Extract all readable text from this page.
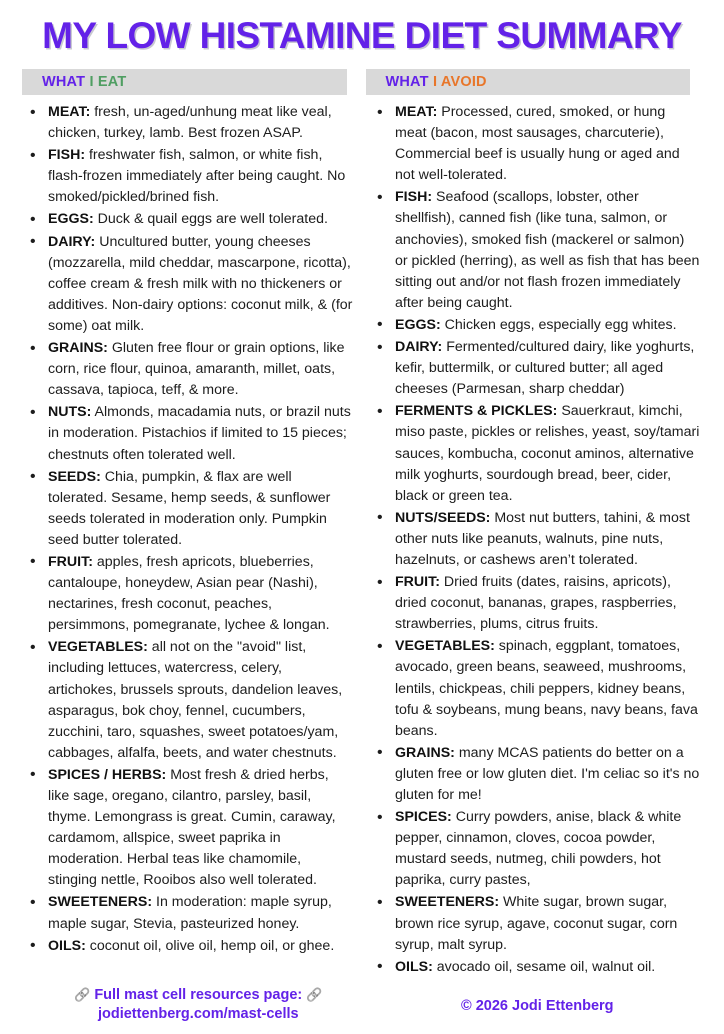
MY LOW HISTAMINE DIET SUMMARY
WHAT I EAT	WHAT I AVOID
• MEAT: fresh, un-aged/unhung meat like veal, chicken, turkey, lamb. Best frozen ASAP.
• FISH: freshwater fish, salmon, or white fish, flash-frozen immediately after being caught. No smoked/pickled/brined fish.
• EGGS: Duck & quail eggs are well tolerated.
• DAIRY: Uncultured butter, young cheeses (mozzarella, mild cheddar, mascarpone, ricotta), coffee cream & fresh milk with no thickeners or additives. Non-dairy options: coconut milk, & (for some) oat milk.
• GRAINS: Gluten free flour or grain options, like corn, rice flour, quinoa, amaranth, millet, oats, cassava, tapioca, teff, & more.
• NUTS: Almonds, macadamia nuts, or brazil nuts in moderation. Pistachios if limited to 15 pieces; chestnuts often tolerated well.
• SEEDS: Chia, pumpkin, & flax are well tolerated. Sesame, hemp seeds, & sunflower seeds tolerated in moderation only. Pumpkin seed butter tolerated.
• FRUIT: apples, fresh apricots, blueberries, cantaloupe, honeydew, Asian pear (Nashi), nectarines, fresh coconut, peaches, persimmons, pomegranate, lychee & longan.
• VEGETABLES: all not on the "avoid" list, including lettuces, watercress, celery, artichokes, brussels sprouts, dandelion leaves, asparagus, bok choy, fennel, cucumbers, zucchini, taro, squashes, sweet potatoes/yam, cabbages, alfalfa, beets, and water chestnuts.
• SPICES / HERBS: Most fresh & dried herbs, like sage, oregano, cilantro, parsley, basil, thyme. Lemongrass is great. Cumin, caraway, cardamom, allspice, sweet paprika in moderation. Herbal teas like chamomile, stinging nettle, Rooibos also well tolerated.
• SWEETENERS: In moderation: maple syrup, maple sugar, Stevia, pasteurized honey.
• OILS: coconut oil, olive oil, hemp oil, or ghee.
• MEAT: Processed, cured, smoked, or hung meat (bacon, most sausages, charcuterie), Commercial beef is usually hung or aged and not well-tolerated.
• FISH: Seafood (scallops, lobster, other shellfish), canned fish (like tuna, salmon, or anchovies), smoked fish (mackerel or salmon) or pickled (herring), as well as fish that has been sitting out and/or not flash frozen immediately after being caught.
• EGGS: Chicken eggs, especially egg whites.
• DAIRY: Fermented/cultured dairy, like yoghurts, kefir, buttermilk, or cultured butter; all aged cheeses (Parmesan, sharp cheddar)
• FERMENTS & PICKLES: Sauerkraut, kimchi, miso paste, pickles or relishes, yeast, soy/tamari sauces, kombucha, coconut aminos, alternative milk yoghurts, sourdough bread, beer, cider, black or green tea.
• NUTS/SEEDS: Most nut butters, tahini, & most other nuts like peanuts, walnuts, pine nuts, hazelnuts, or cashews aren’t tolerated.
• FRUIT: Dried fruits (dates, raisins, apricots), dried coconut, bananas, grapes, raspberries, strawberries, plums, citrus fruits.
• VEGETABLES: spinach, eggplant, tomatoes, avocado, green beans, seaweed, mushrooms, lentils, chickpeas, chili peppers, kidney beans, tofu & soybeans, mung beans, navy beans, fava beans.
• GRAINS: many MCAS patients do better on a gluten free or low gluten diet. I'm celiac so it's no gluten for me!
• SPICES: Curry powders, anise, black & white pepper, cinnamon, cloves, cocoa powder, mustard seeds, nutmeg, chili powders, hot paprika, curry pastes,
• SWEETENERS: White sugar, brown sugar, brown rice syrup, agave, coconut sugar, corn syrup, malt syrup.
• OILS: avocado oil, sesame oil, walnut oil.
🔗 Full mast cell resources page: 🔗
jodiettenberg.com/mast-cells	© 2026 Jodi Ettenberg
